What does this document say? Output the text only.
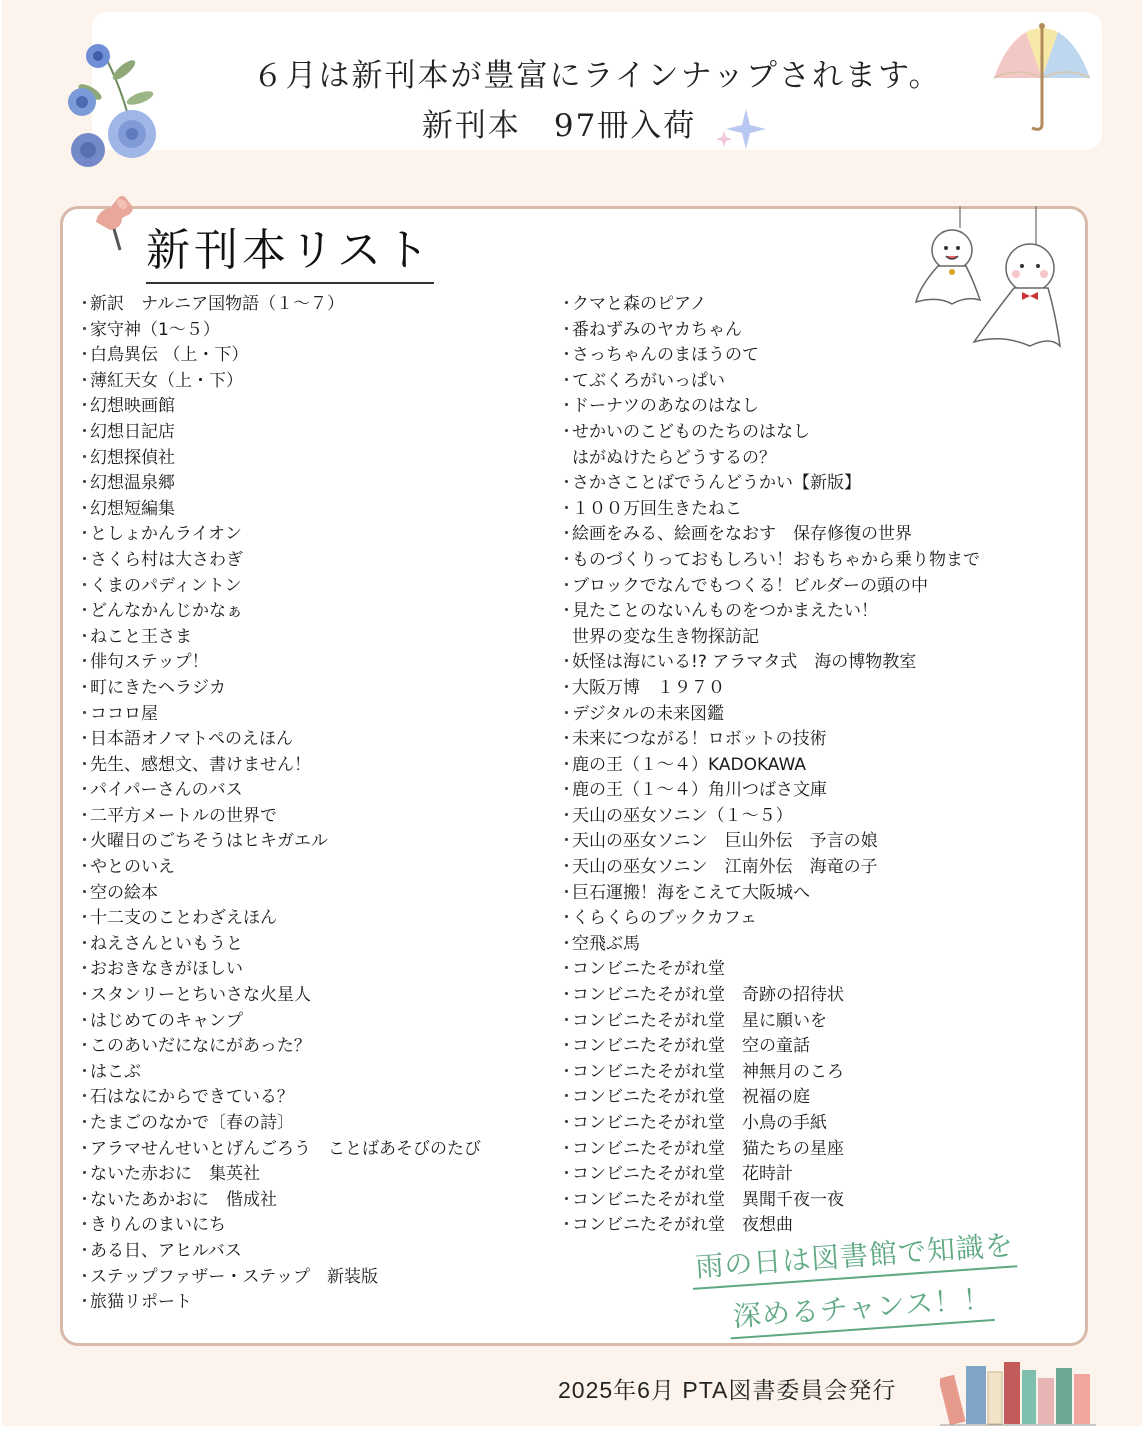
６月は新刊本が豊富にラインナップされます。
新刊本　97冊入荷
新刊本リスト
・新訳　ナルニア国物語（１～７）
・家守神（1～５）
・白鳥異伝 （上・下）
・薄紅天女（上・下）
・幻想映画館
・幻想日記店
・幻想探偵社
・幻想温泉郷
・幻想短編集
・としょかんライオン
・さくら村は大さわぎ
・くまのパディントン
・どんなかんじかなぁ
・ねこと王さま
・俳句ステップ！
・町にきたヘラジカ
・ココロ屋
・日本語オノマトペのえほん
・先生、感想文、書けません！
・パイパーさんのバス
・二平方メートルの世界で
・火曜日のごちそうはヒキガエル
・やとのいえ
・空の絵本
・十二支のことわざえほん
・ねえさんといもうと
・おおきなきがほしい
・スタンリーとちいさな火星人
・はじめてのキャンプ
・このあいだになにがあった？
・はこぶ
・石はなにからできている？
・たまごのなかで〔春の詩〕
・アラマせんせいとげんごろう　ことばあそびのたび
・ないた赤おに　集英社
・ないたあかおに　偕成社
・きりんのまいにち
・ある日、アヒルバス
・ステップファザー・ステップ　新装版
・旅猫リポート
・クマと森のピアノ
・番ねずみのヤカちゃん
・さっちゃんのまほうのて
・てぶくろがいっぱい
・ドーナツのあなのはなし
・せかいのこどものたちのはなし
はがぬけたらどうするの？
・さかさことばでうんどうかい【新版】
・１００万回生きたねこ
・絵画をみる、絵画をなおす　保存修復の世界
・ものづくりっておもしろい！おもちゃから乗り物まで
・ブロックでなんでもつくる！ビルダーの頭の中
・見たことのないんものをつかまえたい！
世界の変な生き物探訪記
・妖怪は海にいる!? アラマタ式　海の博物教室
・大阪万博　１９７０
・デジタルの未来図鑑
・未来につながる！ロボットの技術
・鹿の王（１～４）KADOKAWA
・鹿の王（１～４）角川つばさ文庫
・天山の巫女ソニン（１～５）
・天山の巫女ソニン　巨山外伝　予言の娘
・天山の巫女ソニン　江南外伝　海竜の子
・巨石運搬！海をこえて大阪城へ
・くらくらのブックカフェ
・空飛ぶ馬
・コンビニたそがれ堂
・コンビニたそがれ堂　奇跡の招待状
・コンビニたそがれ堂　星に願いを
・コンビニたそがれ堂　空の童話
・コンビニたそがれ堂　神無月のころ
・コンビニたそがれ堂　祝福の庭
・コンビニたそがれ堂　小鳥の手紙
・コンビニたそがれ堂　猫たちの星座
・コンビニたそがれ堂　花時計
・コンビニたそがれ堂　異聞千夜一夜
・コンビニたそがれ堂　夜想曲
雨の日は図書館で知識を
深めるチャンス！！
2025年6月 PTA図書委員会発行
